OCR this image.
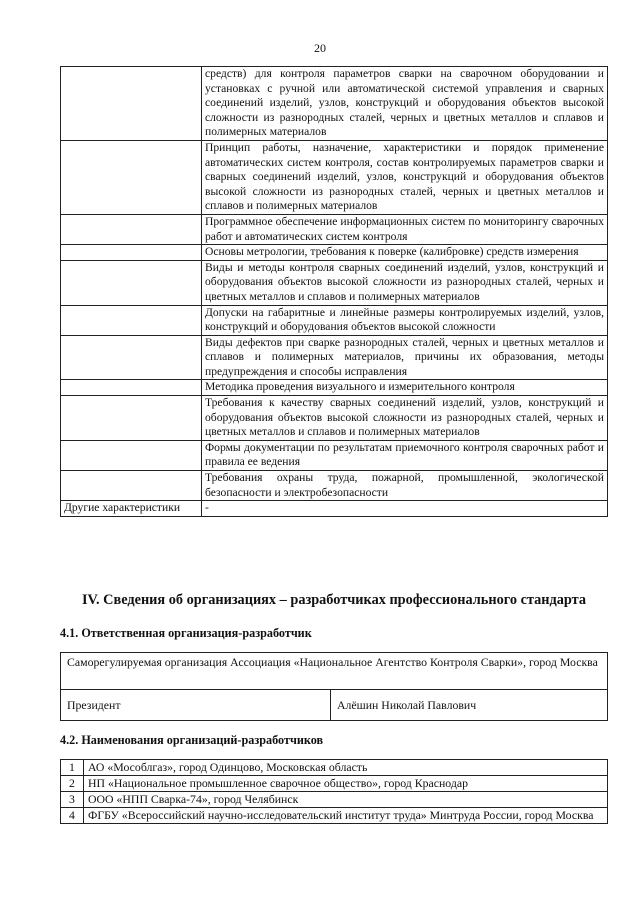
20
	средств) для контроля параметров сварки на сварочном оборудовании и установках с ручной или автоматической системой управления и сварных соединений изделий, узлов, конструкций и оборудования объектов высокой сложности из разнородных сталей, черных и цветных металлов и сплавов и полимерных материалов
	Принцип работы, назначение, характеристики и порядок применение автоматических систем контроля, состав контролируемых параметров сварки и сварных соединений изделий, узлов, конструкций и оборудования объектов высокой сложности из разнородных сталей, черных и цветных металлов и сплавов и полимерных материалов
	Программное обеспечение информационных систем по мониторингу сварочных работ и автоматических систем контроля
	Основы метрологии, требования к поверке (калибровке) средств измерения
	Виды и методы контроля сварных соединений изделий, узлов, конструкций и оборудования объектов высокой сложности из разнородных сталей, черных и цветных металлов и сплавов и полимерных материалов
	Допуски на габаритные и линейные размеры контролируемых изделий, узлов, конструкций и оборудования объектов высокой сложности
	Виды дефектов при сварке разнородных сталей, черных и цветных металлов и сплавов и полимерных материалов, причины их образования, методы предупреждения и способы исправления
	Методика проведения визуального и измерительного контроля
	Требования к качеству сварных соединений изделий, узлов, конструкций и оборудования объектов высокой сложности из разнородных сталей, черных и цветных металлов и сплавов и полимерных материалов
	Формы документации по результатам приемочного контроля сварочных работ и правила ее ведения
	Требования охраны труда, пожарной, промышленной, экологической безопасности и электробезопасности
Другие характеристики	-
IV. Сведения об организациях – разработчиках профессионального стандарта
4.1. Ответственная организация-разработчик
Саморегулируемая организация Ассоциация «Национальное Агентство Контроля Сварки», город Москва
Президент	Алёшин Николай Павлович
4.2. Наименования организаций-разработчиков
1	АО «Мособлгаз», город Одинцово, Московская область
2	НП «Национальное промышленное сварочное общество», город Краснодар
3	ООО «НПП Сварка-74», город Челябинск
4	ФГБУ «Всероссийский научно-исследовательский институт труда» Минтруда России, город Москва
